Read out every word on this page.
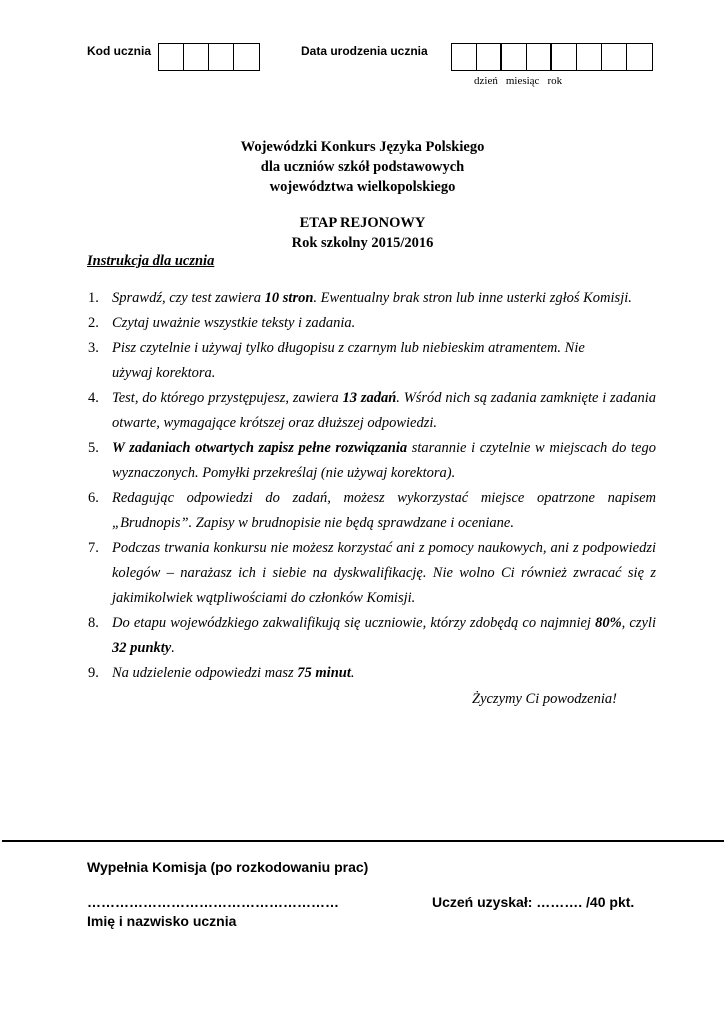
Kod ucznia	Data urodzenia ucznia
dzień miesiąc rok
Wojewódzki Konkurs Języka Polskiego
dla uczniów szkół podstawowych
województwa wielkopolskiego
ETAP REJONOWY
Rok szkolny 2015/2016
Instrukcja dla ucznia
1. Sprawdź, czy test zawiera 10 stron. Ewentualny brak stron lub inne usterki zgłoś Komisji.
2. Czytaj uważnie wszystkie teksty i zadania.
3. Pisz czytelnie i używaj tylko długopisu z czarnym lub niebieskim atramentem. Nie używaj korektora.
4. Test, do którego przystępujesz, zawiera 13 zadań. Wśród nich są zadania zamknięte i zadania otwarte, wymagające krótszej oraz dłuższej odpowiedzi.
5. W zadaniach otwartych zapisz pełne rozwiązania starannie i czytelnie w miejscach do tego wyznaczonych. Pomyłki przekreślaj (nie używaj korektora).
6. Redagując odpowiedzi do zadań, możesz wykorzystać miejsce opatrzone napisem „Brudnopis”. Zapisy w brudnopisie nie będą sprawdzane i oceniane.
7. Podczas trwania konkursu nie możesz korzystać ani z pomocy naukowych, ani z podpowiedzi kolegów – narażasz ich i siebie na dyskwalifikację. Nie wolno Ci również zwracać się z jakimikolwiek wątpliwościami do członków Komisji.
8. Do etapu wojewódzkiego zakwalifikują się uczniowie, którzy zdobędą co najmniej 80%, czyli 32 punkty.
9. Na udzielenie odpowiedzi masz 75 minut.
Życzymy Ci powodzenia!
Wypełnia Komisja (po rozkodowaniu prac)
………………………………………………
Imię i nazwisko ucznia
Uczeń uzyskał: ………. /40 pkt.
